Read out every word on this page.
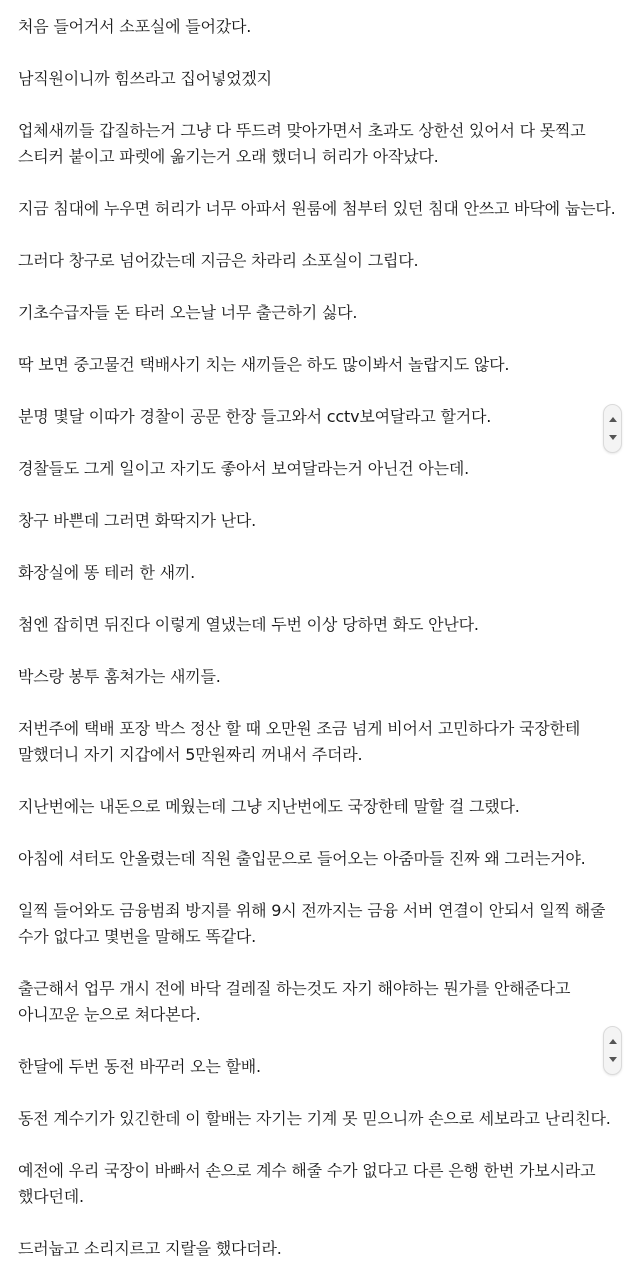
처음 들어거서 소포실에 들어갔다.

남직원이니까 힘쓰라고 집어넣었겠지

업체새끼들 갑질하는거 그냥 다 뚜드려 맞아가면서 초과도 상한선 있어서 다 못찍고 스티커 붙이고 파렛에 옮기는거 오래 했더니 허리가 아작났다.

지금 침대에 누우면 허리가 너무 아파서 원룸에 첨부터 있던 침대 안쓰고 바닥에 눕는다.

그러다 창구로 넘어갔는데 지금은 차라리 소포실이 그립다.

기초수급자들 돈 타러 오는날 너무 출근하기 싫다.

딱 보면 중고물건 택배사기 치는 새끼들은 하도 많이봐서 놀랍지도 않다.

분명 몇달 이따가 경찰이 공문 한장 들고와서 cctv보여달라고 할거다.

경찰들도 그게 일이고 자기도 좋아서 보여달라는거 아닌건 아는데.

창구 바쁜데 그러면 화딱지가 난다.

화장실에 똥 테러 한 새끼.

첨엔 잡히면 뒤진다 이렇게 열냈는데 두번 이상 당하면 화도 안난다.

박스랑 봉투 훔쳐가는 새끼들.

저번주에 택배 포장 박스 정산 할 때 오만원 조금 넘게 비어서 고민하다가 국장한테 말했더니 자기 지갑에서 5만원짜리 꺼내서 주더라.

지난번에는 내돈으로 메웠는데 그냥 지난번에도 국장한테 말할 걸 그랬다.

아침에 셔터도 안올렸는데 직원 출입문으로 들어오는 아줌마들 진짜 왜 그러는거야.

일찍 들어와도 금융범죄 방지를 위해 9시 전까지는 금융 서버 연결이 안되서 일찍 해줄 수가 없다고 몇번을 말해도 똑같다.

출근해서 업무 개시 전에 바닥 걸레질 하는것도 자기 해야하는 뭔가를 안해준다고 아니꼬운 눈으로 쳐다본다.

한달에 두번 동전 바꾸러 오는 할배.

동전 계수기가 있긴한데 이 할배는 자기는 기계 못 믿으니까 손으로 세보라고 난리친다.

예전에 우리 국장이 바빠서 손으로 계수 해줄 수가 없다고 다른 은행 한번 가보시라고 했다던데.

드러눕고 소리지르고 지랄을 했다더라.
